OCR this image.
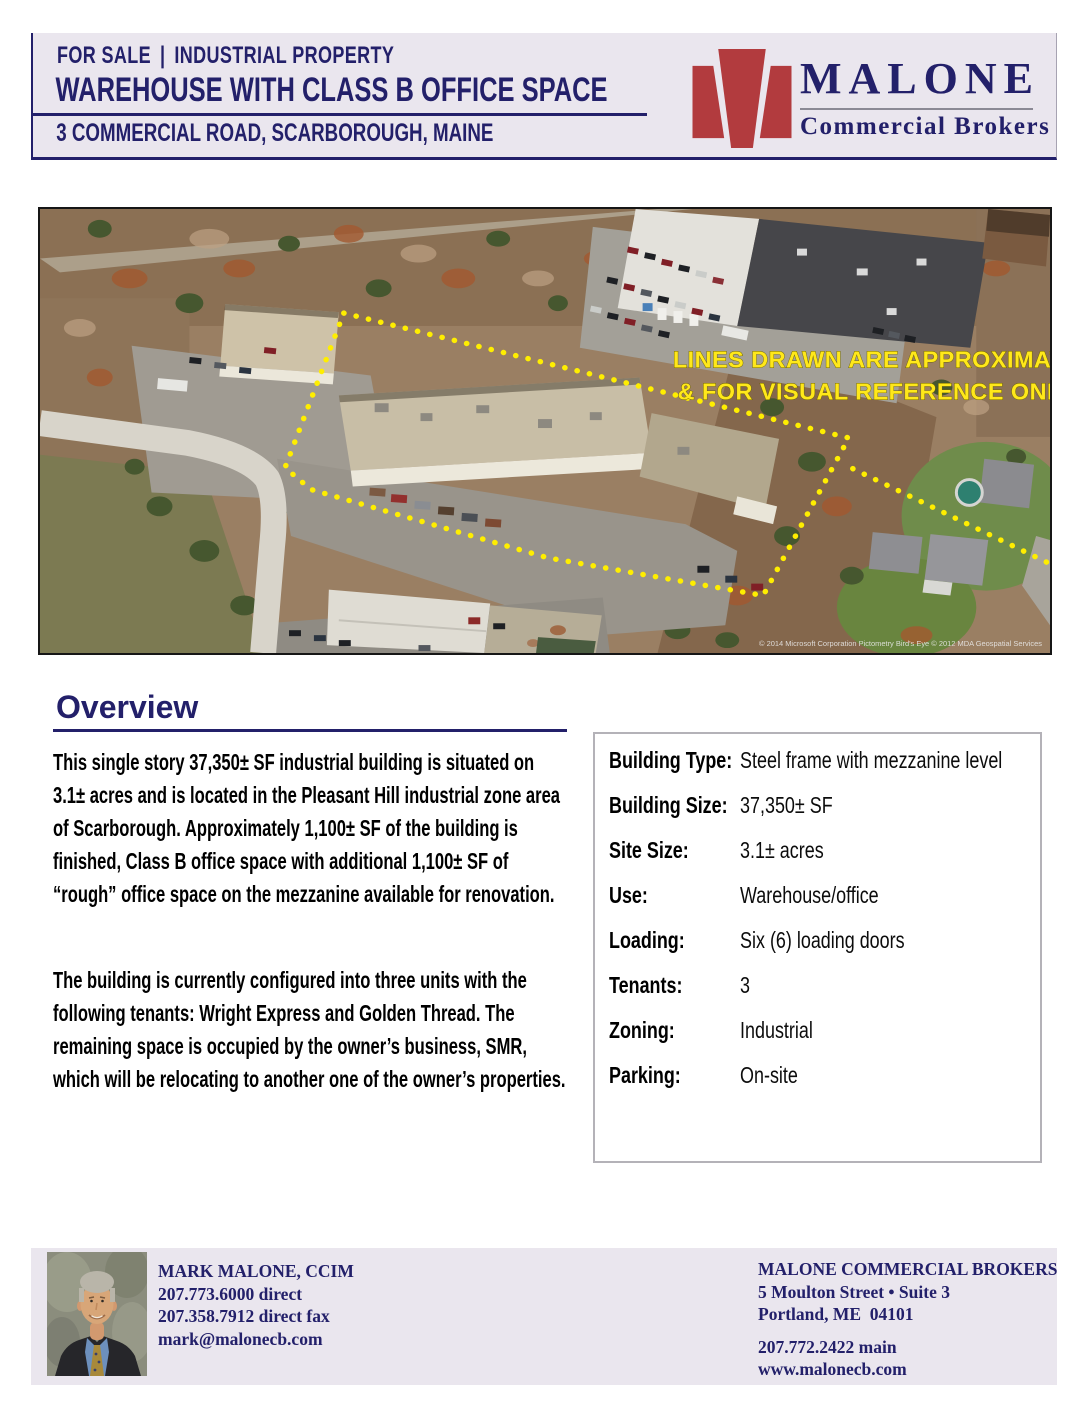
FOR SALE | INDUSTRIAL PROPERTY
WAREHOUSE WITH CLASS B OFFICE SPACE
3 COMMERCIAL ROAD, SCARBOROUGH, MAINE
MALONE
Commercial Brokers
LINES DRAWN ARE APPROXIMATE
& FOR VISUAL REFERENCE ONLY
© 2014 Microsoft Corporation Pictometry Bird's Eye © 2012 MDA Geospatial Services
Overview

This single story 37,350± SF industrial building is situated on 3.1± acres and is located in the Pleasant Hill industrial zone area of Scarborough. Approximately 1,100± SF of the building is finished, Class B office space with additional 1,100± SF of “rough” office space on the mezzanine available for renovation.

The building is currently configured into three units with the following tenants: Wright Express and Golden Thread. The remaining space is occupied by the owner’s business, SMR, which will be relocating to another one of the owner’s properties.

Building Type: Steel frame with mezzanine level
Building Size: 37,350± SF
Site Size:	3.1± acres
Use:	Warehouse/office
Loading:	Six (6) loading doors
Tenants:	3
Zoning:	Industrial
Parking:	On-site
MARK MALONE, CCIM
207.773.6000 direct
207.358.7912 direct fax
mark@malonecb.com
MALONE COMMERCIAL BROKERS
5 Moulton Street • Suite 3
Portland, ME  04101
207.772.2422 main
www.malonecb.com
